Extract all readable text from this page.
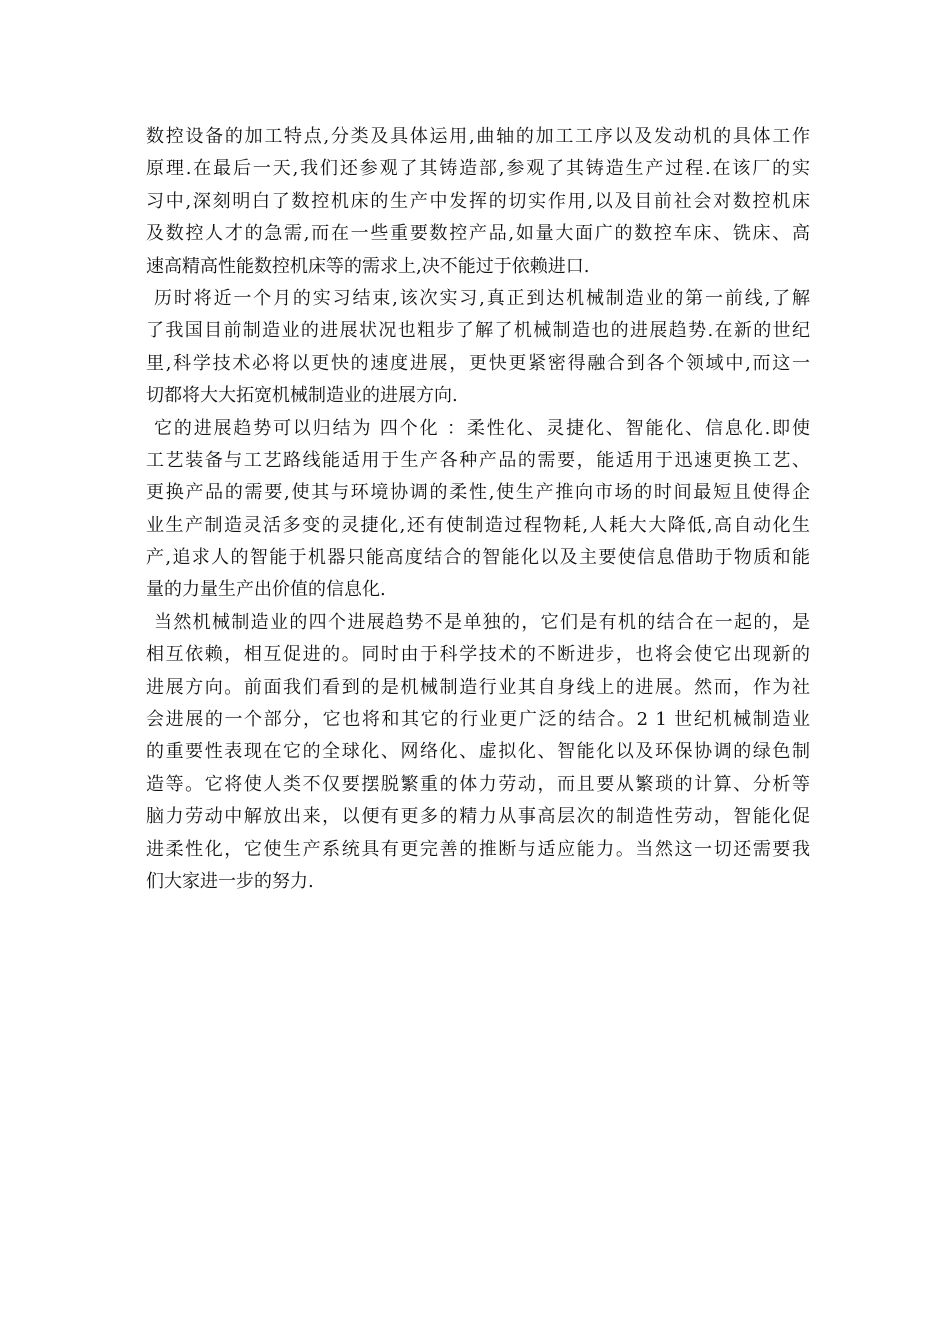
数控设备的加工特点,分类及具体运用,曲轴的加工工序以及发动机的具体工作
原理.在最后一天,我们还参观了其铸造部,参观了其铸造生产过程.在该厂的实
习中,深刻明白了数控机床的生产中发挥的切实作用,以及目前社会对数控机床
及数控人才的急需,而在一些重要数控产品,如量大面广的数控车床、铣床、高
速高精高性能数控机床等的需求上,决不能过于依赖进口.
历时将近一个月的实习结束,该次实习,真正到达机械制造业的第一前线,了解
了我国目前制造业的进展状况也粗步了解了机械制造也的进展趋势.在新的世纪
里,科学技术必将以更快的速度进展，更快更紧密得融合到各个领域中,而这一
切都将大大拓宽机械制造业的进展方向.
它的进展趋势可以归结为 四个化 ：柔性化、灵捷化、智能化、信息化.即使
工艺装备与工艺路线能适用于生产各种产品的需要，能适用于迅速更换工艺、
更换产品的需要,使其与环境协调的柔性,使生产推向市场的时间最短且使得企
业生产制造灵活多变的灵捷化,还有使制造过程物耗,人耗大大降低,高自动化生
产,追求人的智能于机器只能高度结合的智能化以及主要使信息借助于物质和能
量的力量生产出价值的信息化.
当然机械制造业的四个进展趋势不是单独的，它们是有机的结合在一起的，是
相互依赖，相互促进的。同时由于科学技术的不断进步，也将会使它出现新的
进展方向。前面我们看到的是机械制造行业其自身线上的进展。然而，作为社
会进展的一个部分，它也将和其它的行业更广泛的结合。2 1 世纪机械制造业
的重要性表现在它的全球化、网络化、虚拟化、智能化以及环保协调的绿色制
造等。它将使人类不仅要摆脱繁重的体力劳动，而且要从繁琐的计算、分析等
脑力劳动中解放出来，以便有更多的精力从事高层次的制造性劳动，智能化促
进柔性化，它使生产系统具有更完善的推断与适应能力。当然这一切还需要我
们大家进一步的努力.
